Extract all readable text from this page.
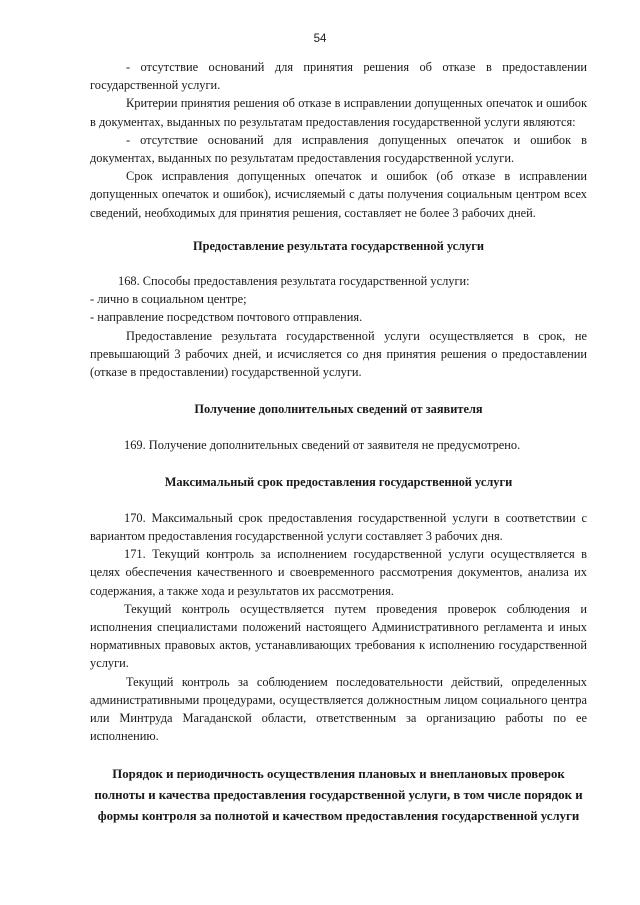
54

- отсутствие оснований для принятия решения об отказе в предоставлении государственной услуги.

Критерии принятия решения об отказе в исправлении допущенных опечаток и ошибок в документах, выданных по результатам предоставления государственной услуги являются:

- отсутствие оснований для исправления допущенных опечаток и ошибок в документах, выданных по результатам предоставления государственной услуги.

Срок исправления допущенных опечаток и ошибок (об отказе в исправлении допущенных опечаток и ошибок), исчисляемый с даты получения социальным центром всех сведений, необходимых для принятия решения, составляет не более 3 рабочих дней.

Предоставление результата государственной услуги

168. Способы предоставления результата государственной услуги:

- лично в социальном центре;

- направление посредством почтового отправления.

Предоставление результата государственной услуги осуществляется в срок, не превышающий 3 рабочих дней, и исчисляется со дня принятия решения о предоставлении (отказе в предоставлении) государственной услуги.

Получение дополнительных сведений от заявителя

169. Получение дополнительных сведений от заявителя не предусмотрено.

Максимальный срок предоставления государственной услуги

170. Максимальный срок предоставления государственной услуги в соответствии с вариантом предоставления государственной услуги составляет 3 рабочих дня.

171. Текущий контроль за исполнением государственной услуги осуществляется в целях обеспечения качественного и своевременного рассмотрения документов, анализа их содержания, а также хода и результатов их рассмотрения.

Текущий контроль осуществляется путем проведения проверок соблюдения и исполнения специалистами положений настоящего Административного регламента и иных нормативных правовых актов, устанавливающих требования к исполнению государственной услуги.

Текущий контроль за соблюдением последовательности действий, определенных административными процедурами, осуществляется должностным лицом социального центра или Минтруда Магаданской области, ответственным за организацию работы по ее исполнению.

Порядок и периодичность осуществления плановых и внеплановых проверок полноты и качества предоставления государственной услуги, в том числе порядок и формы контроля за полнотой и качеством предоставления государственной услуги
